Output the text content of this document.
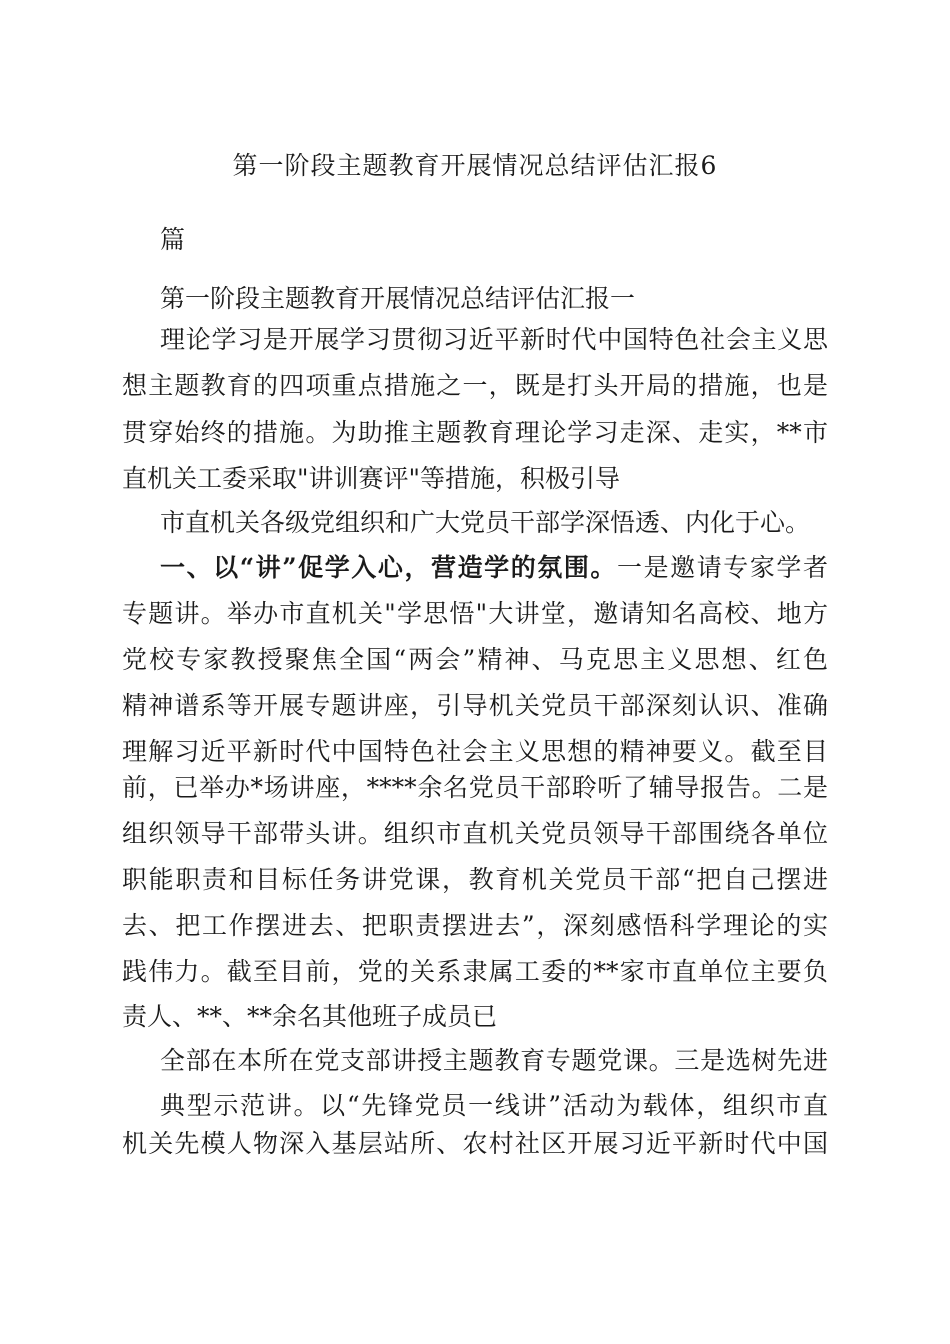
第一阶段主题教育开展情况总结评估汇报6
篇
第一阶段主题教育开展情况总结评估汇报一
理论学习是开展学习贯彻习近平新时代中国特色社会主义思
想主题教育的四项重点措施之一，既是打头开局的措施，也是
贯穿始终的措施。为助推主题教育理论学习走深、走实，**市
直机关工委采取"讲训赛评"等措施，积极引导
市直机关各级党组织和广大党员干部学深悟透、内化于心。
一、以“讲”促学入心，营造学的氛围。一是邀请专家学者
专题讲。举办市直机关"学思悟"大讲堂，邀请知名高校、地方
党校专家教授聚焦全国“两会”精神、马克思主义思想、红色
精神谱系等开展专题讲座，引导机关党员干部深刻认识、准确
理解习近平新时代中国特色社会主义思想的精神要义。截至目
前，已举办*场讲座，****余名党员干部聆听了辅导报告。二是
组织领导干部带头讲。组织市直机关党员领导干部围绕各单位
职能职责和目标任务讲党课，教育机关党员干部“把自己摆进
去、把工作摆进去、把职责摆进去”，深刻感悟科学理论的实
践伟力。截至目前，党的关系隶属工委的**家市直单位主要负
责人、**、**余名其他班子成员已
全部在本所在党支部讲授主题教育专题党课。三是选树先进
典型示范讲。以“先锋党员一线讲”活动为载体，组织市直
机关先模人物深入基层站所、农村社区开展习近平新时代中国
